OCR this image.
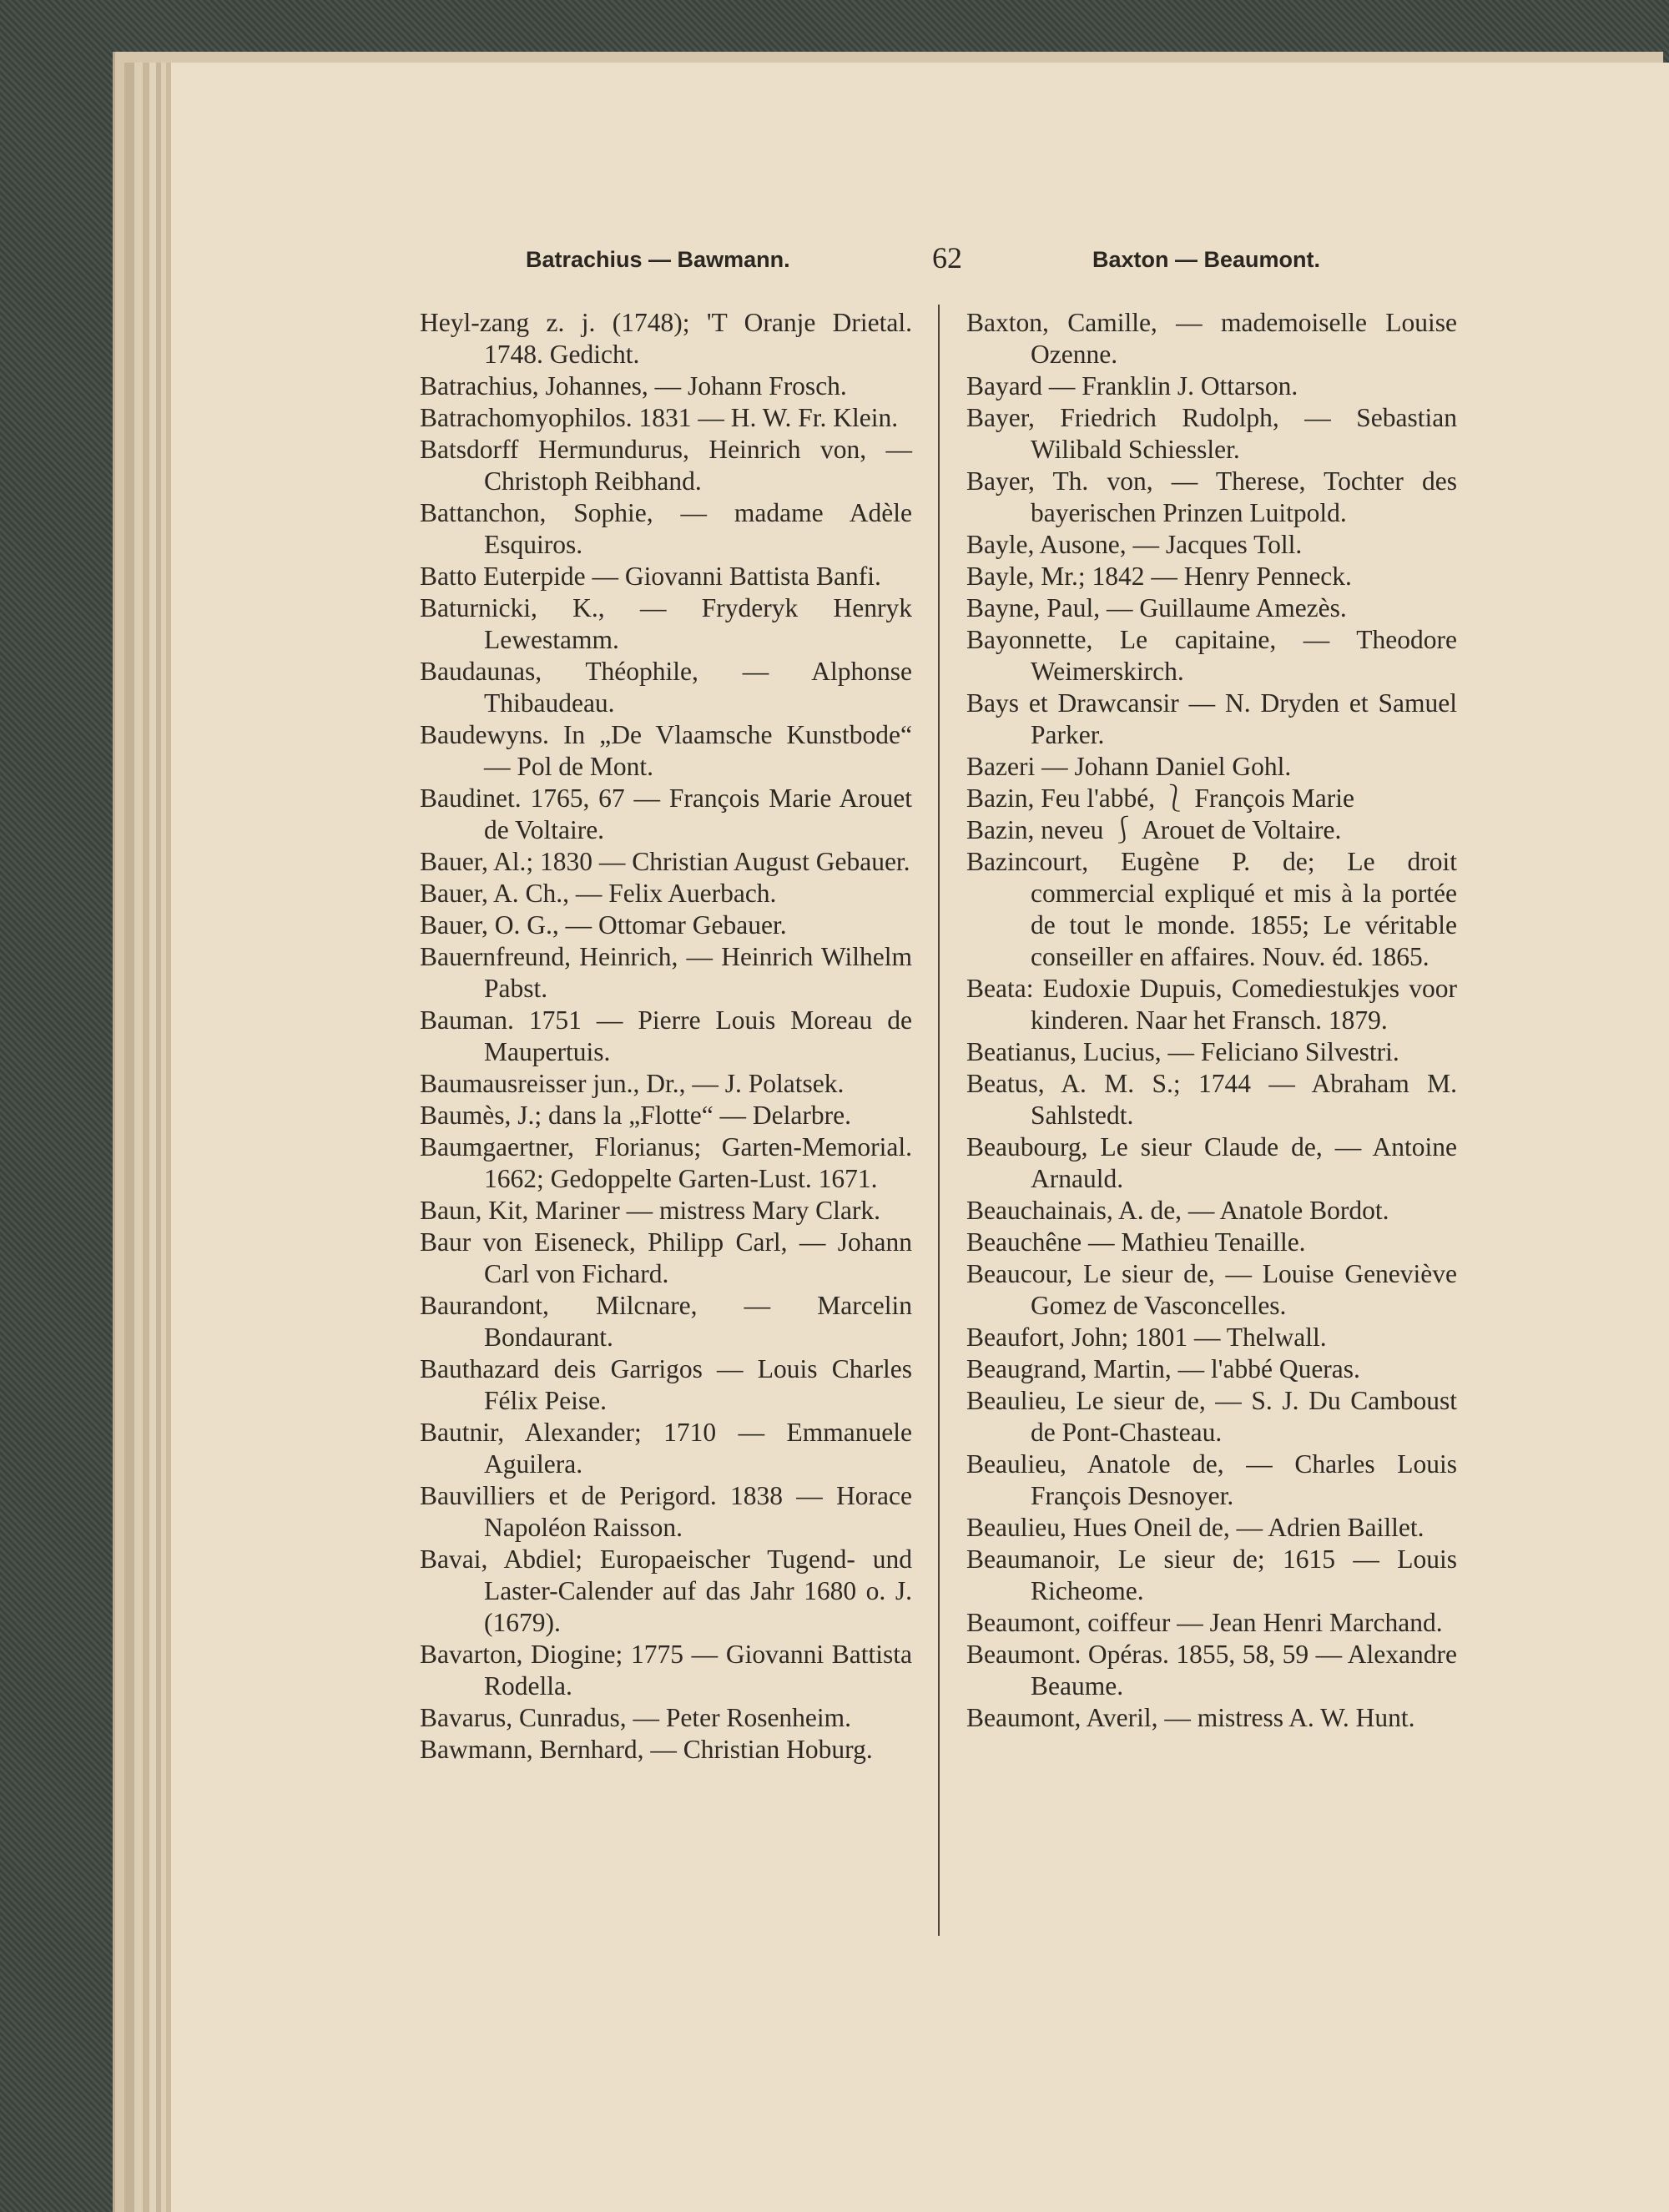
Batrachius — Bawmann.	62	Baxton — Beaumont.
Heyl-zang z. j. (1748); 'T Oranje Drietal. 1748. Gedicht.
Batrachius, Johannes, — Johann Frosch.
Batrachomyophilos. 1831 — H. W. Fr. Klein.
Batsdorff Hermundurus, Heinrich von, — Christoph Reibhand.
Battanchon, Sophie, — madame Adèle Esquiros.
Batto Euterpide — Giovanni Battista Banfi.
Baturnicki, K., — Fryderyk Henryk Lewestamm.
Baudaunas, Théophile, — Alphonse Thibaudeau.
Baudewyns. In „De Vlaamsche Kunstbode“ — Pol de Mont.
Baudinet. 1765, 67 — François Marie Arouet de Voltaire.
Bauer, Al.; 1830 — Christian August Gebauer.
Bauer, A. Ch., — Felix Auerbach.
Bauer, O. G., — Ottomar Gebauer.
Bauernfreund, Heinrich, — Heinrich Wilhelm Pabst.
Bauman. 1751 — Pierre Louis Moreau de Maupertuis.
Baumausreisser jun., Dr., — J. Polatsek.
Baumès, J.; dans la „Flotte“ — Delarbre.
Baumgaertner, Florianus; Garten-Memorial. 1662; Gedoppelte Garten-Lust. 1671.
Baun, Kit, Mariner — mistress Mary Clark.
Baur von Eiseneck, Philipp Carl, — Johann Carl von Fichard.
Baurandont, Milcnare, — Marcelin Bondaurant.
Bauthazard deis Garrigos — Louis Charles Félix Peise.
Bautnir, Alexander; 1710 — Emmanuele Aguilera.
Bauvilliers et de Perigord. 1838 — Horace Napoléon Raisson.
Bavai, Abdiel; Europaeischer Tugend- und Laster-Calender auf das Jahr 1680 o. J. (1679).
Bavarton, Diogine; 1775 — Giovanni Battista Rodella.
Bavarus, Cunradus, — Peter Rosenheim.
Bawmann, Bernhard, — Christian Hoburg.
Baxton, Camille, — mademoiselle Louise Ozenne.
Bayard — Franklin J. Ottarson.
Bayer, Friedrich Rudolph, — Sebastian Wilibald Schiessler.
Bayer, Th. von, — Therese, Tochter des bayerischen Prinzen Luitpold.
Bayle, Ausone, — Jacques Toll.
Bayle, Mr.; 1842 — Henry Penneck.
Bayne, Paul, — Guillaume Amezès.
Bayonnette, Le capitaine, — Theodore Weimerskirch.
Bays et Drawcansir — N. Dryden et Samuel Parker.
Bazeri — Johann Daniel Gohl.
Bazin, Feu l'abbé, ⎱ François Marie
Bazin, neveu ⎰ Arouet de Voltaire.
Bazincourt, Eugène P. de; Le droit commercial expliqué et mis à la portée de tout le monde. 1855; Le véritable conseiller en affaires. Nouv. éd. 1865.
Beata: Eudoxie Dupuis, Comediestukjes voor kinderen. Naar het Fransch. 1879.
Beatianus, Lucius, — Feliciano Silvestri.
Beatus, A. M. S.; 1744 — Abraham M. Sahlstedt.
Beaubourg, Le sieur Claude de, — Antoine Arnauld.
Beauchainais, A. de, — Anatole Bordot.
Beauchêne — Mathieu Tenaille.
Beaucour, Le sieur de, — Louise Geneviève Gomez de Vasconcelles.
Beaufort, John; 1801 — Thelwall.
Beaugrand, Martin, — l'abbé Queras.
Beaulieu, Le sieur de, — S. J. Du Camboust de Pont-Chasteau.
Beaulieu, Anatole de, — Charles Louis François Desnoyer.
Beaulieu, Hues Oneil de, — Adrien Baillet.
Beaumanoir, Le sieur de; 1615 — Louis Richeome.
Beaumont, coiffeur — Jean Henri Marchand.
Beaumont. Opéras. 1855, 58, 59 — Alexandre Beaume.
Beaumont, Averil, — mistress A. W. Hunt.
